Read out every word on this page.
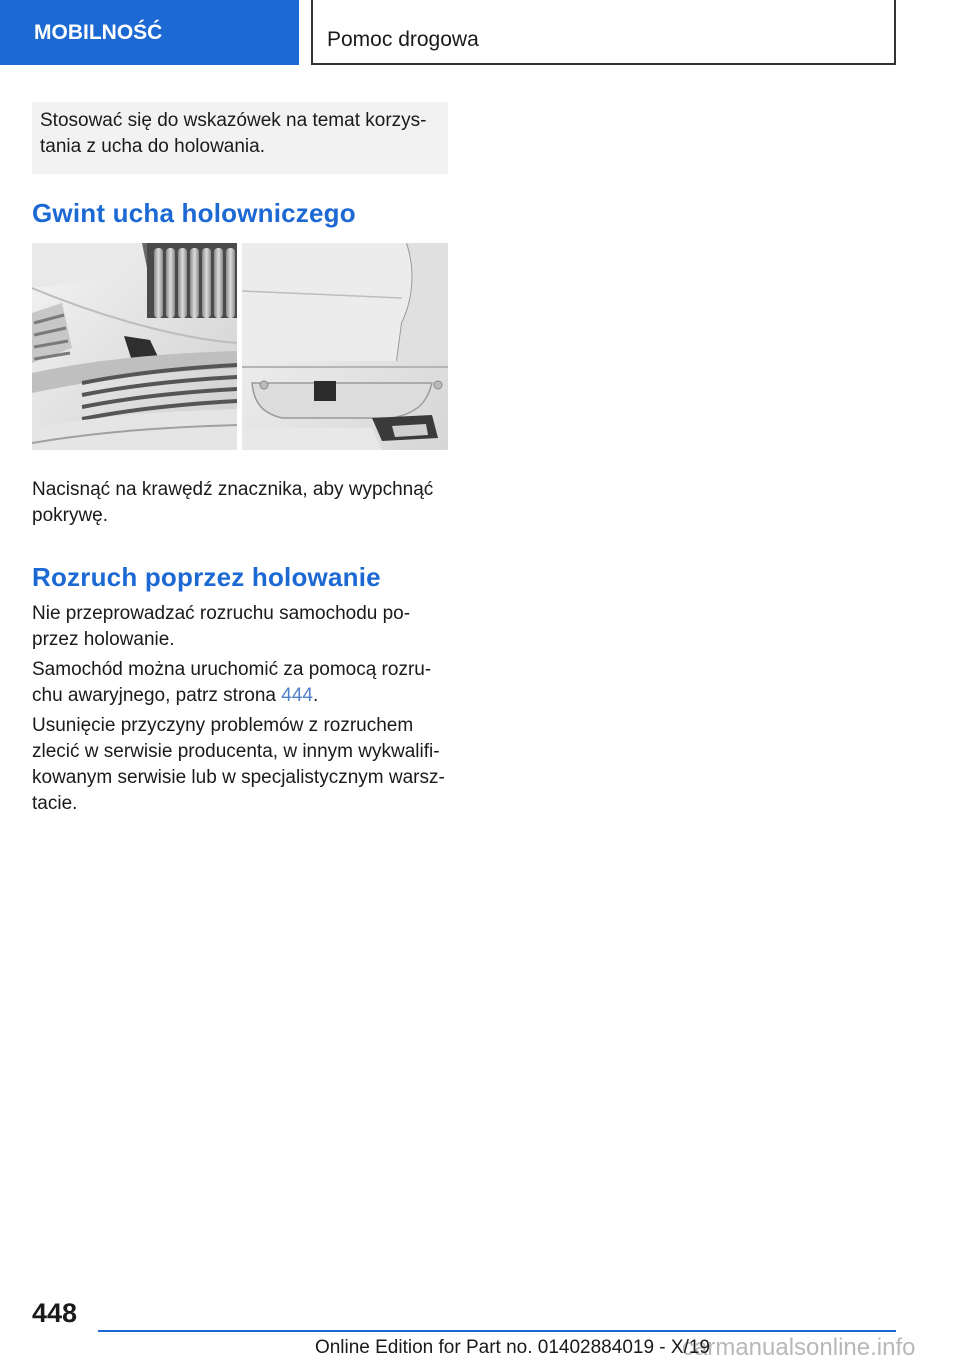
MOBILNOŚĆ	Pomoc drogowa
Stosować się do wskazówek na temat korzys-tania z ucha do holowania.
Gwint ucha holowniczego

Nacisnąć na krawędź znacznika, aby wypchnąć pokrywę.

Rozruch poprzez holowanie

Nie przeprowadzać rozruchu samochodu po-przez holowanie.

Samochód można uruchomić za pomocą rozru-chu awaryjnego, patrz strona 444.

Usunięcie przyczyny problemów z rozruchem zlecić w serwisie producenta, w innym wykwalifi-kowanym serwisie lub w specjalistycznym warsz-tacie.

448
carmanualsonline.info
Online Edition for Part no. 01402884019 - X/19
